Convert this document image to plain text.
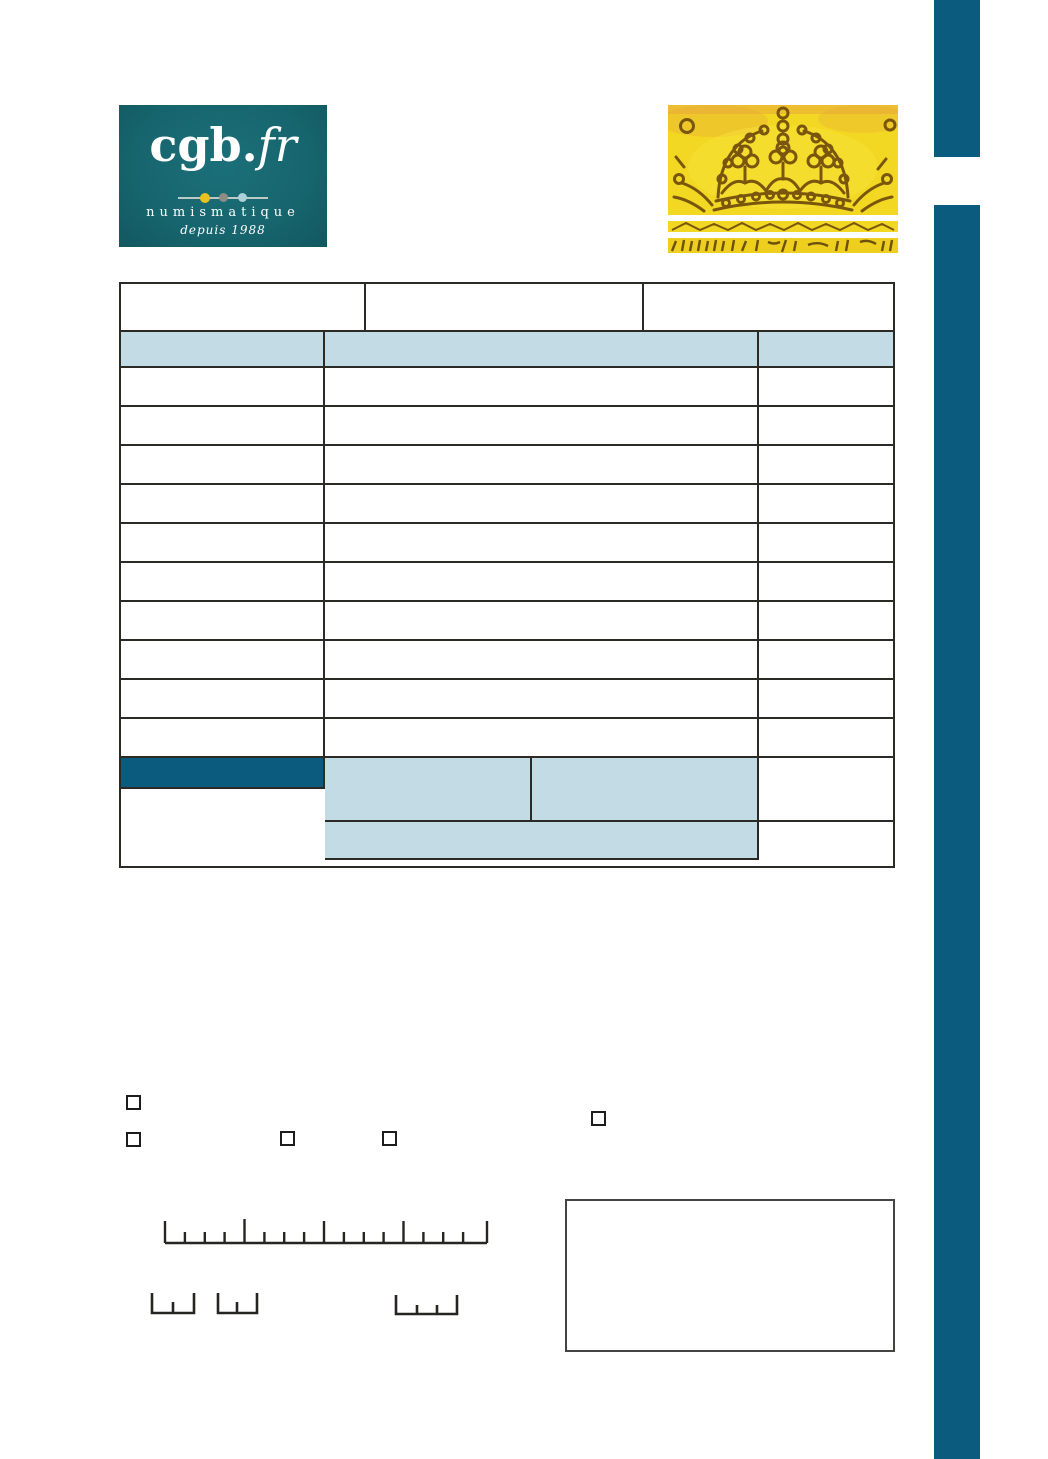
cgb.fr
numismatique
depuis 1988
